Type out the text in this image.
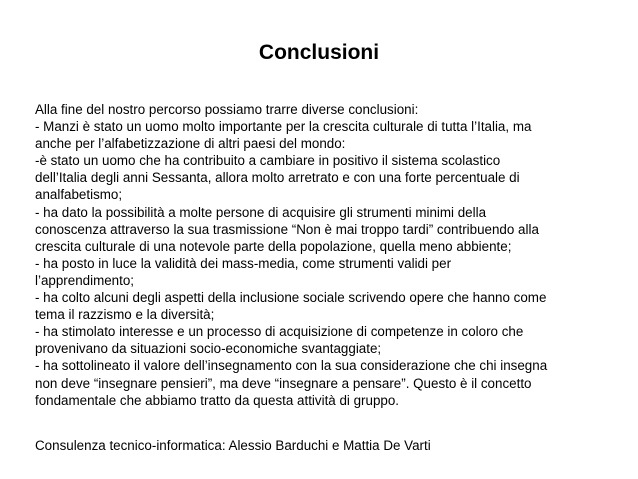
Conclusioni
Alla fine del nostro percorso possiamo trarre diverse conclusioni:
- Manzi è stato un uomo molto importante per la crescita culturale di tutta l’Italia, ma
anche per l’alfabetizzazione di altri paesi del mondo:
-è stato un uomo che ha contribuito a cambiare in positivo il sistema scolastico
dell’Italia degli anni Sessanta, allora molto arretrato e con una forte percentuale di
analfabetismo;
- ha dato la possibilità a molte persone di acquisire gli strumenti minimi della
conoscenza attraverso la sua trasmissione “Non è mai troppo tardi” contribuendo alla
crescita culturale di una notevole parte della popolazione, quella meno abbiente;
- ha posto in luce la validità dei mass-media, come strumenti validi per
l’apprendimento;
- ha colto alcuni degli aspetti della inclusione sociale scrivendo opere che hanno come
tema il razzismo e la diversità;
- ha stimolato interesse e un processo di acquisizione di competenze in coloro che
provenivano da situazioni socio-economiche svantaggiate;
- ha sottolineato il valore dell’insegnamento con la sua considerazione che chi insegna
non deve “insegnare pensieri”, ma deve “insegnare a pensare”. Questo è il concetto
fondamentale che abbiamo tratto da questa attività di gruppo.
Consulenza tecnico-informatica: Alessio Barduchi e Mattia De Varti
